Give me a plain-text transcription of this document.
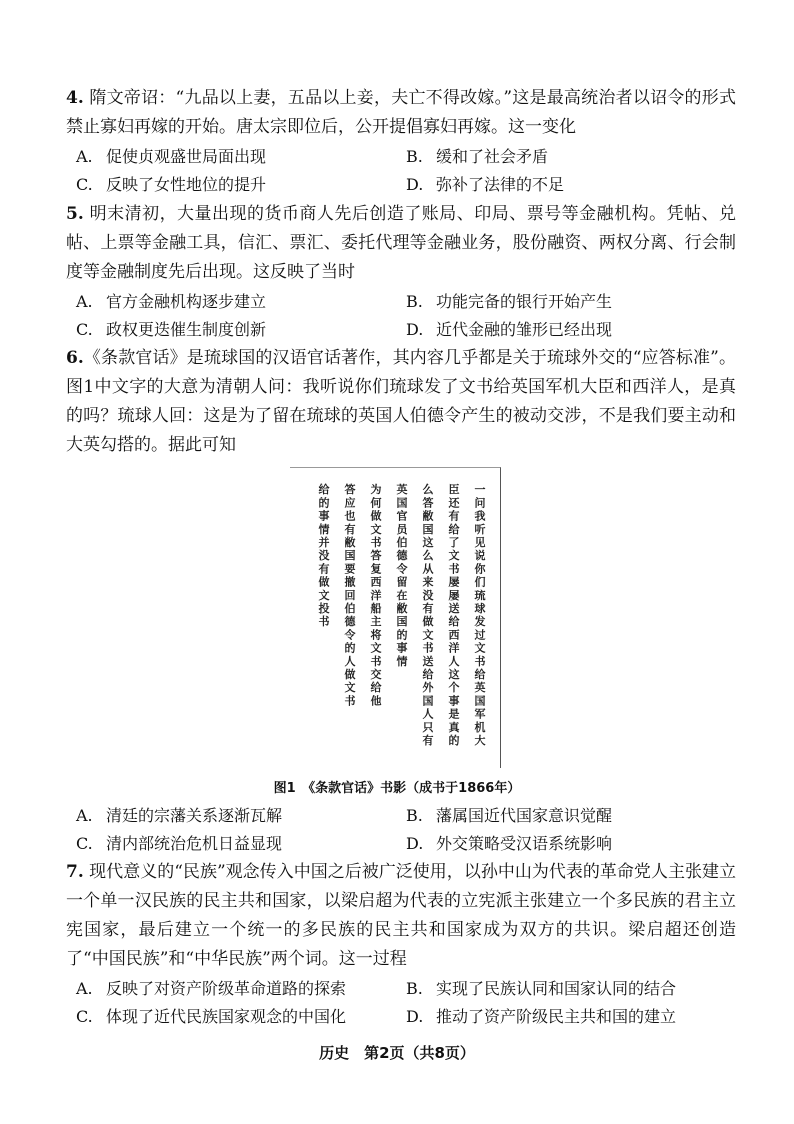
4. 隋文帝诏：“九品以上妻，五品以上妾，夫亡不得改嫁。”这是最高统治者以诏令的形式禁止寡妇再嫁的开始。唐太宗即位后，公开提倡寡妇再嫁。这一变化

A. 促使贞观盛世局面出现	B. 缓和了社会矛盾
C. 反映了女性地位的提升	D. 弥补了法律的不足

5. 明末清初，大量出现的货币商人先后创造了账局、印局、票号等金融机构。凭帖、兑帖、上票等金融工具，信汇、票汇、委托代理等金融业务，股份融资、两权分离、行会制度等金融制度先后出现。这反映了当时

A. 官方金融机构逐步建立	B. 功能完备的银行开始产生
C. 政权更迭催生制度创新	D. 近代金融的雏形已经出现

6.《条款官话》是琉球国的汉语官话著作，其内容几乎都是关于琉球外交的“应答标准”。图1中文字的大意为清朝人问：我听说你们琉球发了文书给英国军机大臣和西洋人，是真的吗？琉球人回：这是为了留在琉球的英国人伯德令产生的被动交涉，不是我们要主动和大英勾搭的。据此可知

一问我听见说你们琉球发过文书给英国军机大
臣还有给了文书屡屡送给西洋人这个事是真的
么答敝国这么从来没有做文书送给外国人只有
英国官员伯德令留在敝国的事情
为何做文书答复西洋船主将文书交给他
答应也有敝国要撤回伯德令的人做文书
给的事情并没有做文投书
图1　《条款官话》书影（成书于1866年）
A. 清廷的宗藩关系逐渐瓦解	B. 藩属国近代国家意识觉醒
C. 清内部统治危机日益显现	D. 外交策略受汉语系统影响

7. 现代意义的“民族”观念传入中国之后被广泛使用，以孙中山为代表的革命党人主张建立一个单一汉民族的民主共和国家，以梁启超为代表的立宪派主张建立一个多民族的君主立宪国家，最后建立一个统一的多民族的民主共和国家成为双方的共识。梁启超还创造了“中国民族”和“中华民族”两个词。这一过程

A. 反映了对资产阶级革命道路的探索	B. 实现了民族认同和国家认同的结合
C. 体现了近代民族国家观念的中国化	D. 推动了资产阶级民主共和国的建立
历史　第2页（共8页）
